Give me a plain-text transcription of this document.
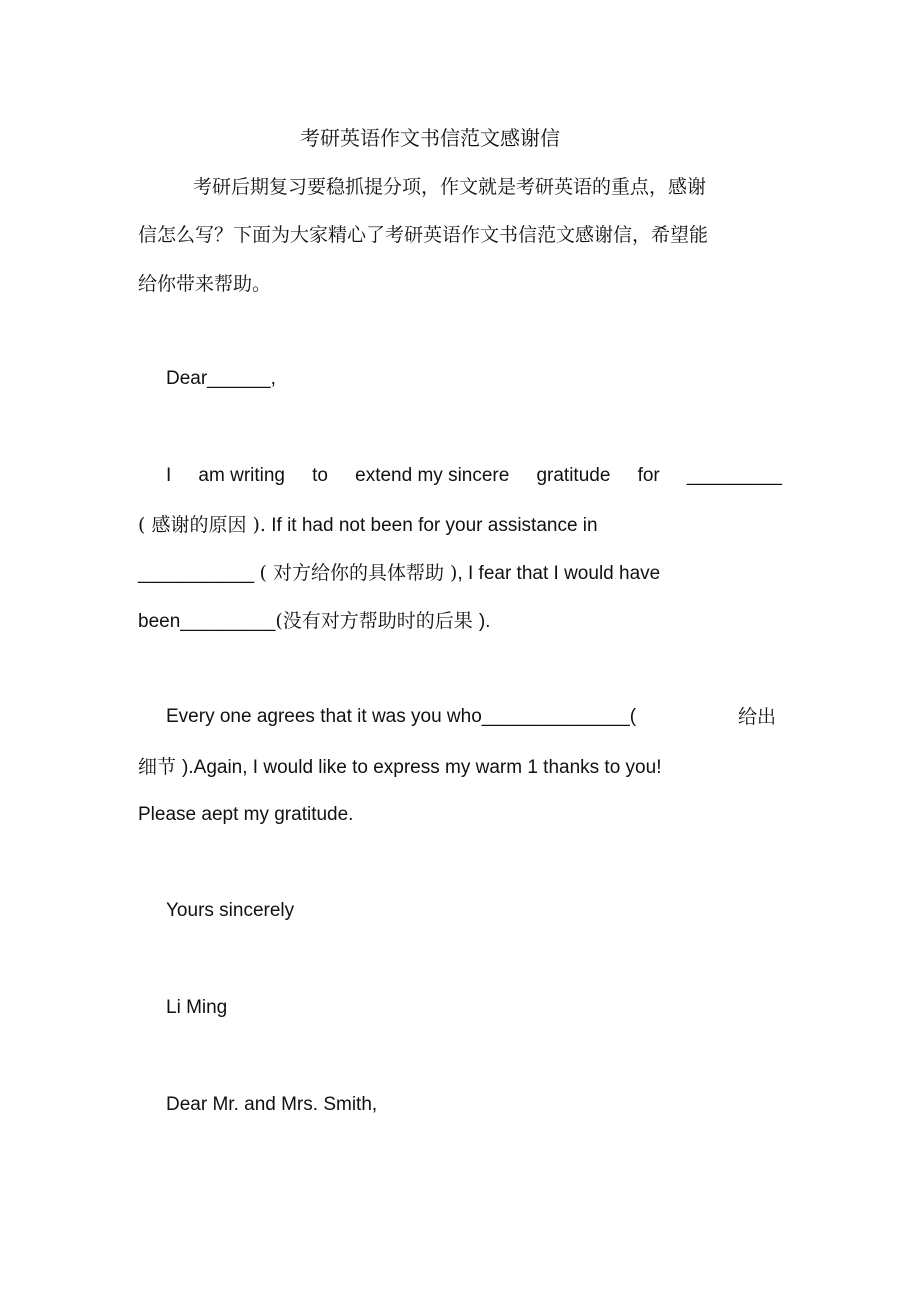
考研英语作文书信范文感谢信
考研后期复习要稳抓提分项，作文就是考研英语的重点，感谢
信怎么写？下面为大家精心了考研英语作文书信范文感谢信，希望能
给你带来帮助。
Dear______,
I am writing to extend my sincere gratitude for _________
( 感谢的原因 ). If it had not been for your assistance in
___________ ( 对方给你的具体帮助 ), I fear that I would have
been_________(没有对方帮助时的后果 ).
Every one agrees that it was you who______________(	给出
细节 ).Again, I would like to express my warm 1 thanks to you!
Please aept my gratitude.
Yours sincerely
Li Ming
Dear Mr. and Mrs. Smith,
